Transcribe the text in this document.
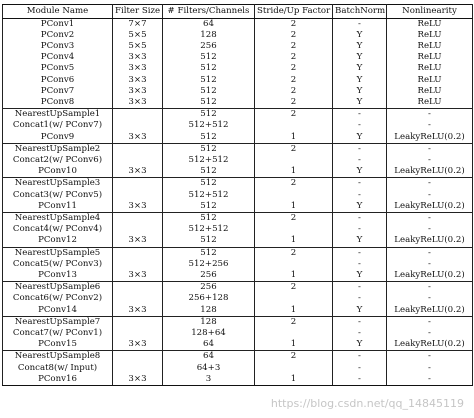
Module Name	Filter Size	# Filters/Channels	Stride/Up Factor	BatchNorm	Nonlinearity
PConv1	7×7	64	2	-	ReLU
PConv2	5×5	128	2	Y	ReLU
PConv3	5×5	256	2	Y	ReLU
PConv4	3×3	512	2	Y	ReLU
PConv5	3×3	512	2	Y	ReLU
PConv6	3×3	512	2	Y	ReLU
PConv7	3×3	512	2	Y	ReLU
PConv8	3×3	512	2	Y	ReLU
NearestUpSample1		512	2	-	-
Concat1(w/ PConv7)		512+512		-	-
PConv9	3×3	512	1	Y	LeakyReLU(0.2)
NearestUpSample2		512	2	-	-
Concat2(w/ PConv6)		512+512		-	-
PConv10	3×3	512	1	Y	LeakyReLU(0.2)
NearestUpSample3		512	2	-	-
Concat3(w/ PConv5)		512+512		-	-
PConv11	3×3	512	1	Y	LeakyReLU(0.2)
NearestUpSample4		512	2	-	-
Concat4(w/ PConv4)		512+512		-	-
PConv12	3×3	512	1	Y	LeakyReLU(0.2)
NearestUpSample5		512	2	-	-
Concat5(w/ PConv3)		512+256		-	-
PConv13	3×3	256	1	Y	LeakyReLU(0.2)
NearestUpSample6		256	2	-	-
Concat6(w/ PConv2)		256+128		-	-
PConv14	3×3	128	1	Y	LeakyReLU(0.2)
NearestUpSample7		128	2	-	-
Concat7(w/ PConv1)		128+64		-	-
PConv15	3×3	64	1	Y	LeakyReLU(0.2)
NearestUpSample8		64	2	-	-
Concat8(w/ Input)		64+3		-	-
PConv16	3×3	3	1	-	-
https://blog.csdn.net/qq_14845119
